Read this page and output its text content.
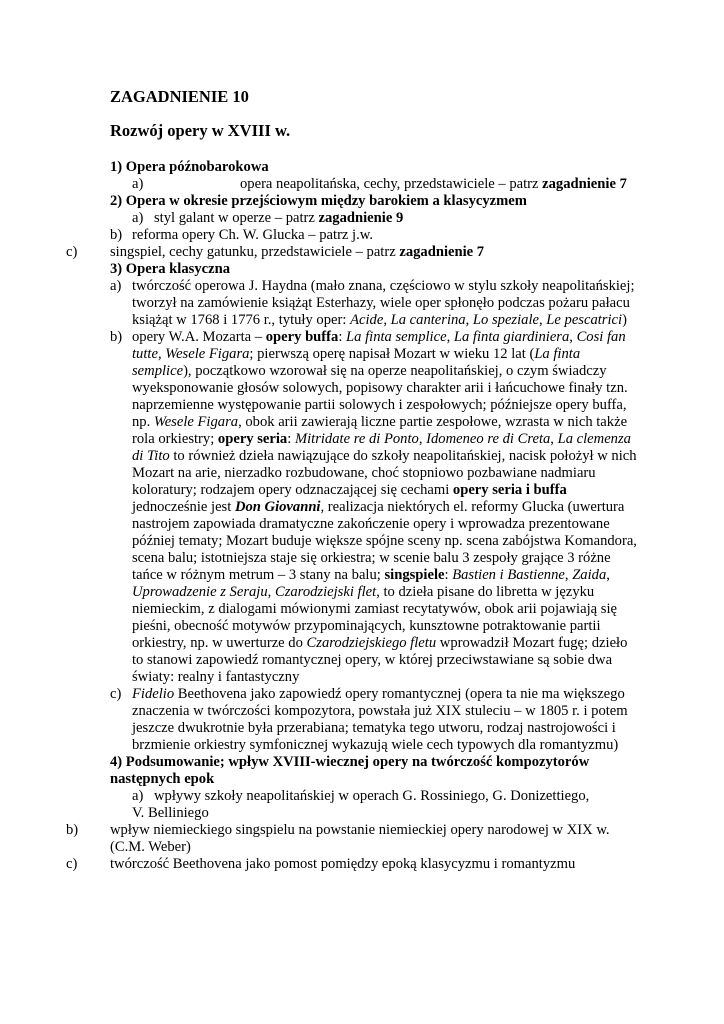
ZAGADNIENIE 10
Rozwój opery w XVIII w.
1) Opera późnobarokowa
a)	opera neapolitańska, cechy, przedstawiciele – patrz zagadnienie 7
2) Opera w okresie przejściowym między barokiem a klasycyzmem
a) styl galant w operze – patrz zagadnienie 9
b) reforma opery Ch. W. Glucka – patrz j.w.
c) singspiel, cechy gatunku, przedstawiciele – patrz zagadnienie 7
3) Opera klasyczna
a) twórczość operowa J. Haydna (mało znana, częściowo w stylu szkoły neapolitańskiej;
tworzył na zamówienie książąt Esterhazy, wiele oper spłonęło podczas pożaru pałacu
książąt w 1768 i 1776 r., tytuły oper: Acide, La canterina, Lo speziale, Le pescatrici)
b) opery W.A. Mozarta – opery buffa: La finta semplice, La finta giardiniera, Cosi fan
tutte, Wesele Figara; pierwszą operę napisał Mozart w wieku 12 lat (La finta
semplice), początkowo wzorował się na operze neapolitańskiej, o czym świadczy
wyeksponowanie głosów solowych, popisowy charakter arii i łańcuchowe finały tzn.
naprzemienne występowanie partii solowych i zespołowych; późniejsze opery buffa,
np. Wesele Figara, obok arii zawierają liczne partie zespołowe, wzrasta w nich także
rola orkiestry; opery seria: Mitridate re di Ponto, Idomeneo re di Creta, La clemenza
di Tito to również dzieła nawiązujące do szkoły neapolitańskiej, nacisk położył w nich
Mozart na arie, nierzadko rozbudowane, choć stopniowo pozbawiane nadmiaru
koloratury; rodzajem opery odznaczającej się cechami opery seria i buffa
jednocześnie jest Don Giovanni, realizacja niektórych el. reformy Glucka (uwertura
nastrojem zapowiada dramatyczne zakończenie opery i wprowadza prezentowane
później tematy; Mozart buduje większe spójne sceny np. scena zabójstwa Komandora,
scena balu; istotniejsza staje się orkiestra; w scenie balu 3 zespoły grające 3 różne
tańce w różnym metrum – 3 stany na balu; singspiele: Bastien i Bastienne, Zaida,
Uprowadzenie z Seraju, Czarodziejski flet, to dzieła pisane do libretta w języku
niemieckim, z dialogami mówionymi zamiast recytatywów, obok arii pojawiają się
pieśni, obecność motywów przypominających, kunsztowne potraktowanie partii
orkiestry, np. w uwerturze do Czarodziejskiego fletu wprowadził Mozart fugę; dzieło
to stanowi zapowiedź romantycznej opery, w której przeciwstawiane są sobie dwa
światy: realny i fantastyczny
c) Fidelio Beethovena jako zapowiedź opery romantycznej (opera ta nie ma większego
znaczenia w twórczości kompozytora, powstała już XIX stuleciu – w 1805 r. i potem
jeszcze dwukrotnie była przerabiana; tematyka tego utworu, rodzaj nastrojowości i
brzmienie orkiestry symfonicznej wykazują wiele cech typowych dla romantyzmu)
4) Podsumowanie; wpływ XVIII-wiecznej opery na twórczość kompozytorów
następnych epok
a) wpływy szkoły neapolitańskiej w operach G. Rossiniego, G. Donizettiego,
V. Belliniego
b) wpływ niemieckiego singspielu na powstanie niemieckiej opery narodowej w XIX w.
(C.M. Weber)
c) twórczość Beethovena jako pomost pomiędzy epoką klasycyzmu i romantyzmu
